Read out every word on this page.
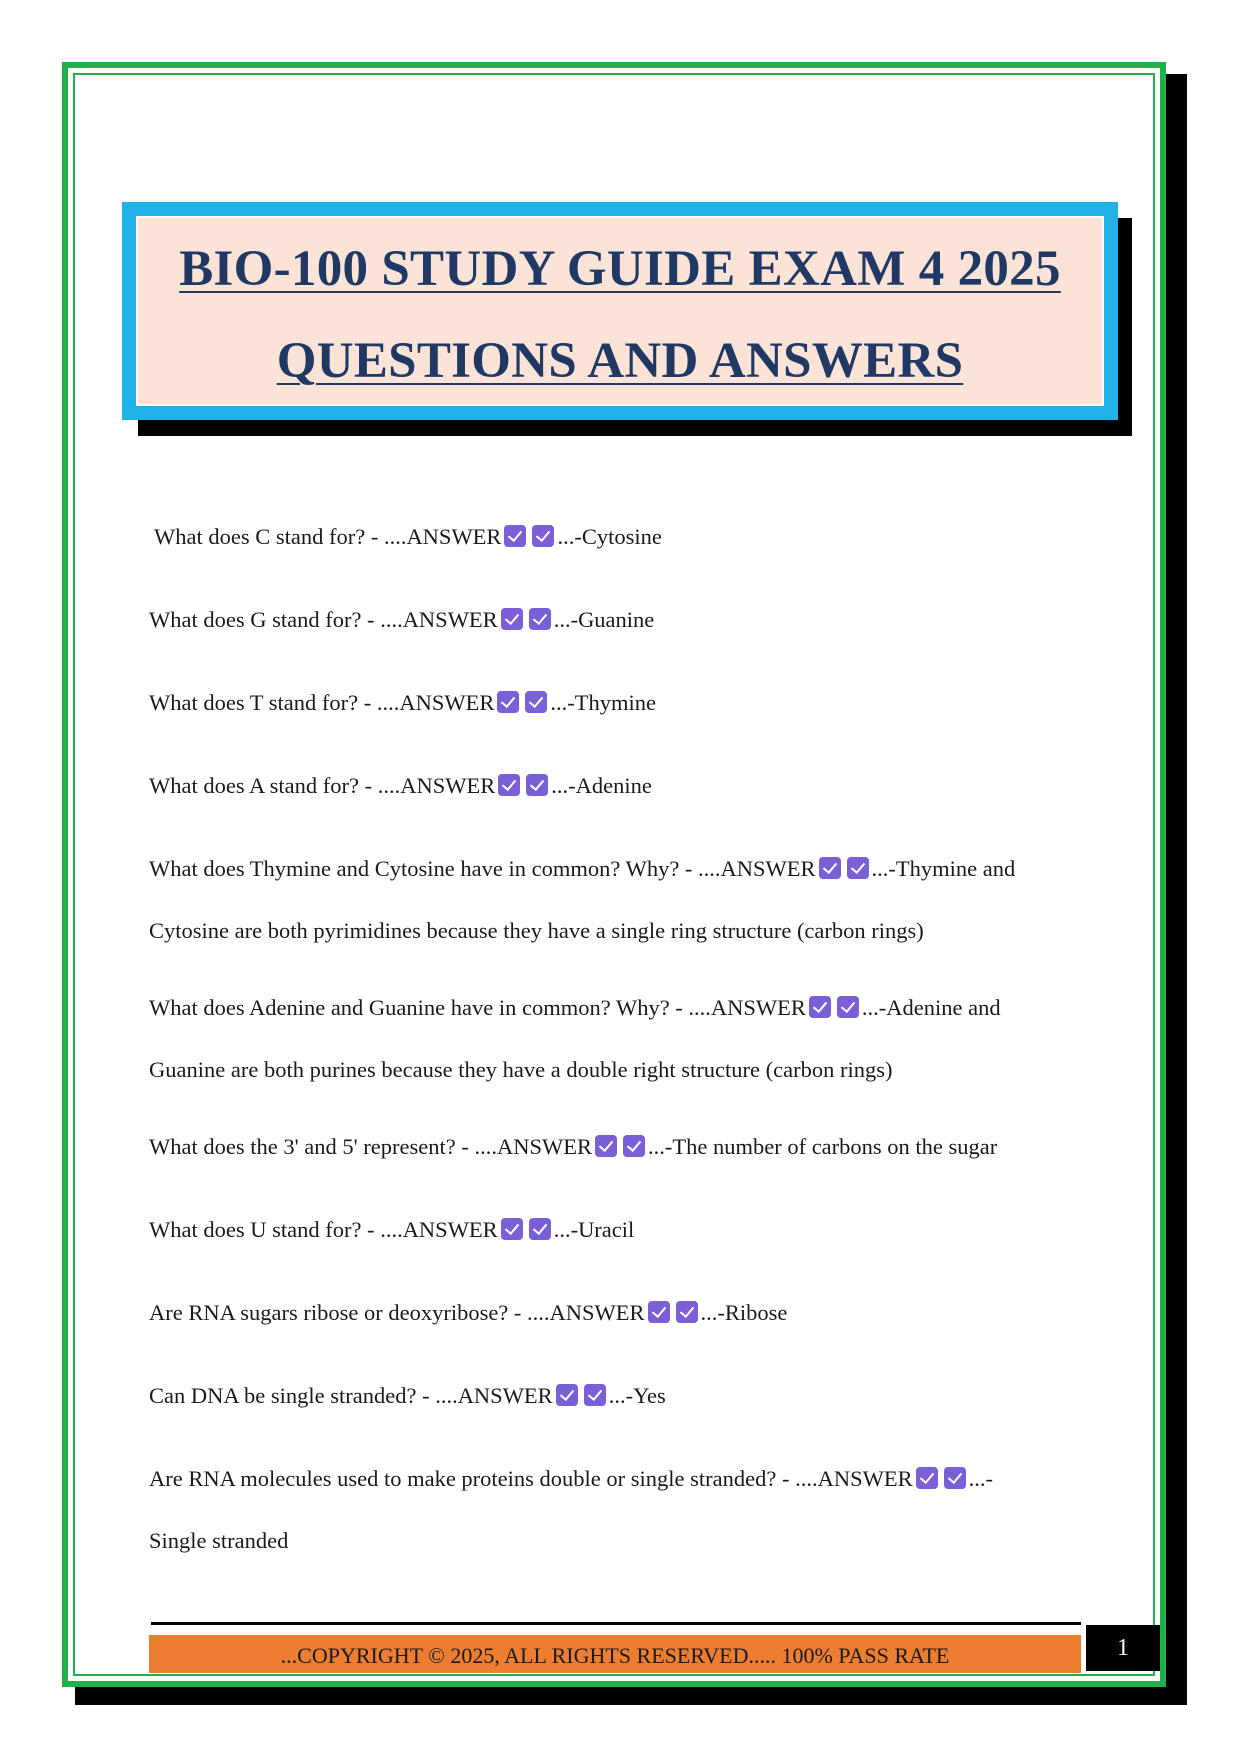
BIO-100 STUDY GUIDE EXAM 4 2025
QUESTIONS AND ANSWERS
What does C stand for? - ....ANSWER ...-Cytosine
What does G stand for? - ....ANSWER ...-Guanine
What does T stand for? - ....ANSWER ...-Thymine
What does A stand for? - ....ANSWER ...-Adenine
What does Thymine and Cytosine have in common? Why? - ....ANSWER ...-Thymine and
Cytosine are both pyrimidines because they have a single ring structure (carbon rings)
What does Adenine and Guanine have in common? Why? - ....ANSWER ...-Adenine and
Guanine are both purines because they have a double right structure (carbon rings)
What does the 3' and 5' represent? - ....ANSWER ...-The number of carbons on the sugar
What does U stand for? - ....ANSWER ...-Uracil
Are RNA sugars ribose or deoxyribose? - ....ANSWER ...-Ribose
Can DNA be single stranded? - ....ANSWER ...-Yes
Are RNA molecules used to make proteins double or single stranded? - ....ANSWER ...-
Single stranded
...COPYRIGHT © 2025, ALL RIGHTS RESERVED..... 100% PASS RATE	1
